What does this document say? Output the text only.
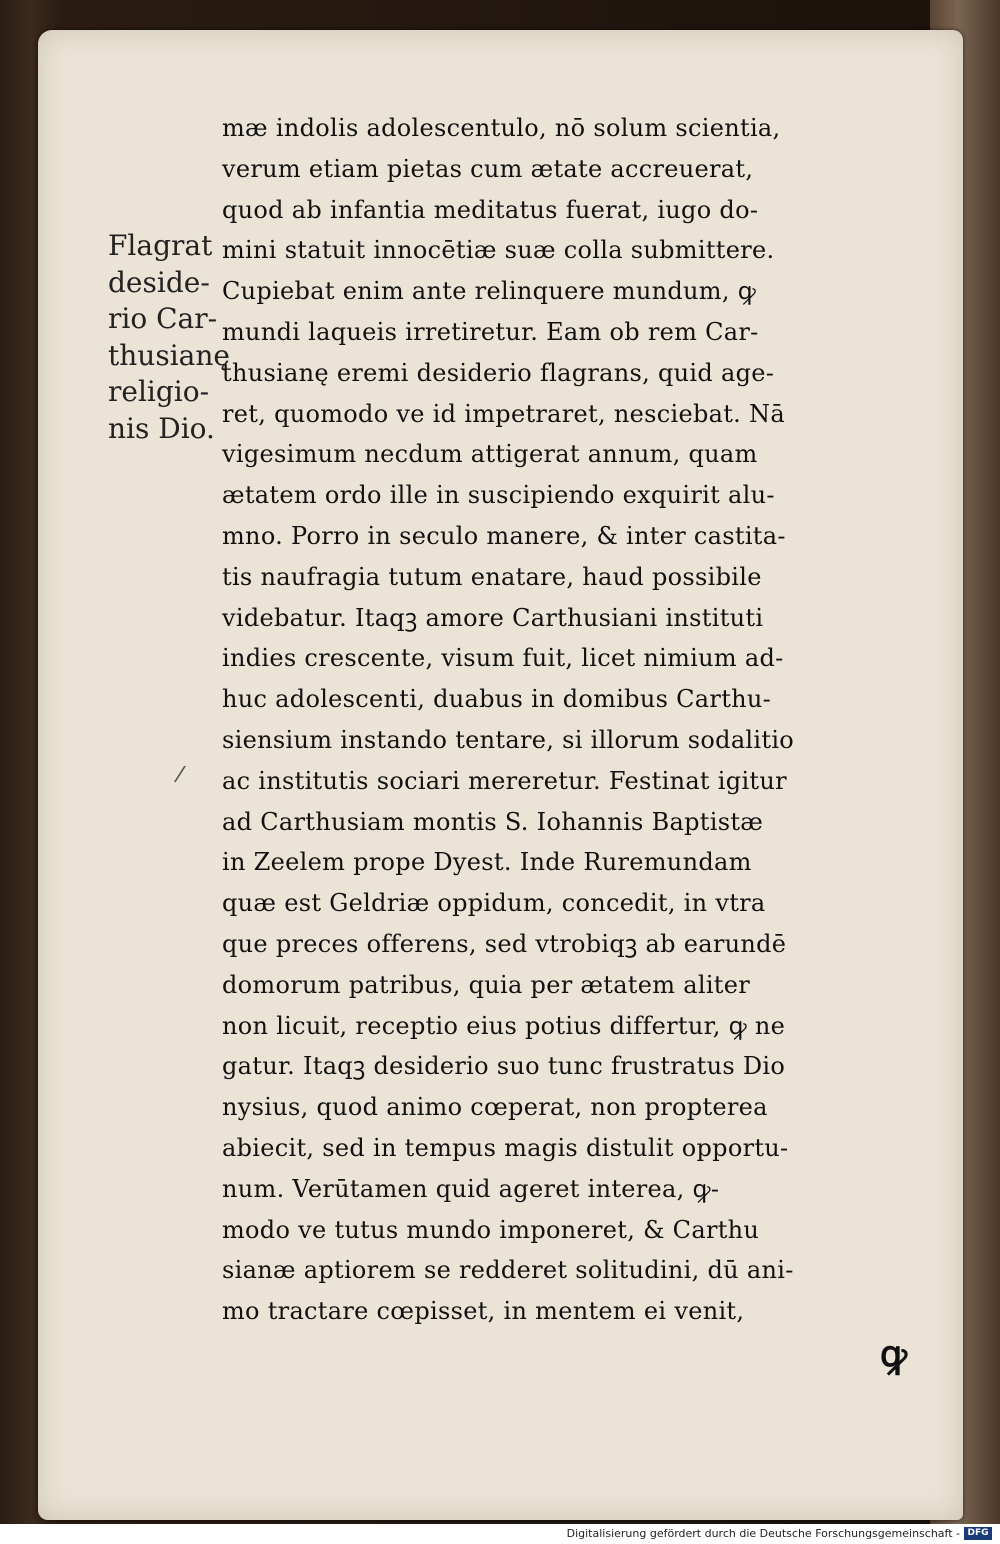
Flagrat
deside-
rio Car-
thusianę
religio-
nis Dio.
mæ indolis adolescentulo, nō solum scientia,
verum etiam pietas cum ætate accreuerat,
quod ab infantia meditatus fuerat, iugo do-
mini statuit innocētiæ suæ colla submittere.
Cupiebat enim ante relinquere mundum, ꝙ
mundi laqueis irretiretur. Eam ob rem Car-
thusianę eremi desiderio flagrans, quid age-
ret, quomodo ve id impetraret, nesciebat. Nā
vigesimum necdum attigerat annum, quam
ætatem ordo ille in suscipiendo exquirit alu-
mno. Porro in seculo manere, & inter castita-
tis naufragia tutum enatare, haud possibile
videbatur. Itaqꝫ amore Carthusiani instituti
indies crescente, visum fuit, licet nimium ad-
huc adolescenti, duabus in domibus Carthu-
siensium instando tentare, si illorum sodalitio
ac institutis sociari mereretur. Festinat igitur
ad Carthusiam montis S. Iohannis Baptistæ
in Zeelem prope Dyest. Inde Ruremundam
quæ est Geldriæ oppidum, concedit, in vtra
que preces offerens, sed vtrobiqꝫ ab earundē
domorum patribus, quia per ætatem aliter
non licuit, receptio eius potius differtur, ꝙ ne
gatur. Itaqꝫ desiderio suo tunc frustratus Dio
nysius, quod animo cœperat, non propterea
abiecit, sed in tempus magis distulit opportu-
num. Verūtamen quid ageret interea, ꝙ-
modo ve tutus mundo imponeret, & Carthu
sianæ aptiorem se redderet solitudini, dū ani-
mo tractare cœpisset, in mentem ei venit,
/
ꝙ
Digitalisierung gefördert durch die Deutsche Forschungsgemeinschaft - DFG
